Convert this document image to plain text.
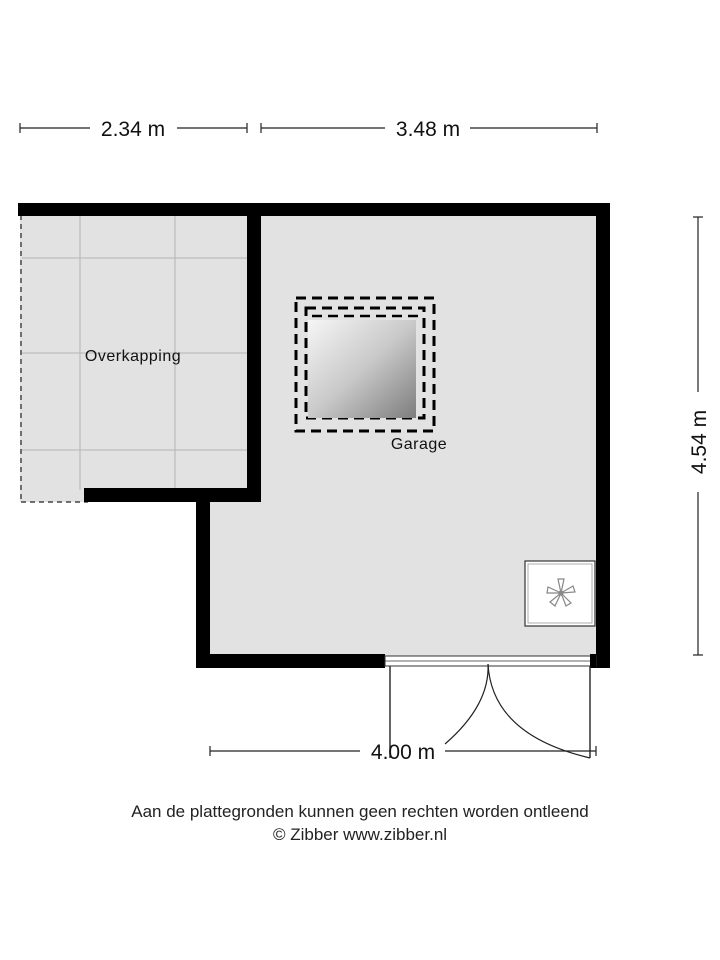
Overkapping
Garage
2.34 m	3.48 m
4.54 m
4.00 m
Aan de plattegronden kunnen geen rechten worden ontleend
© Zibber www.zibber.nl
